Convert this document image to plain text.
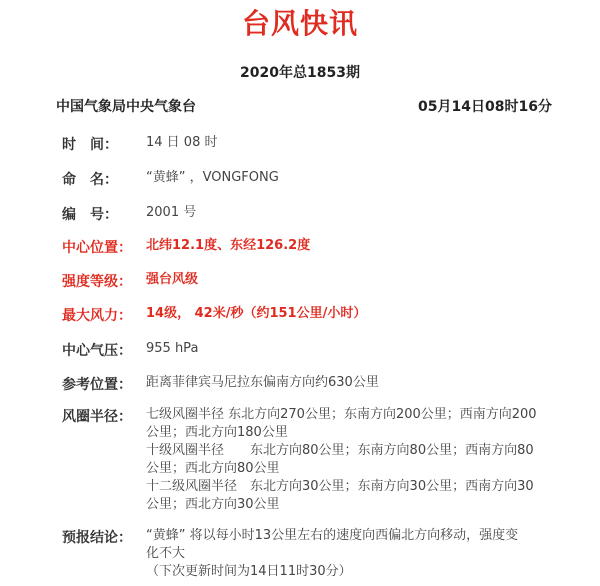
台风快讯
2020年总1853期
中国气象局中央气象台	05月14日08时16分
时　间：	14 日 08 时
命　名：	“黄蜂” ，VONGFONG
编　号：	2001 号
中心位置：	北纬12.1度、东经126.2度
强度等级：	强台风级
最大风力：	14级， 42米/秒（约151公里/小时）
中心气压：	955 hPa
参考位置：	距离菲律宾马尼拉东偏南方向约630公里
风圈半径：	七级风圈半径 东北方向270公里；东南方向200公里；西南方向200
公里；西北方向180公里
十级风圈半径　　东北方向80公里；东南方向80公里；西南方向80
公里；西北方向80公里
十二级风圈半径　东北方向30公里；东南方向30公里；西南方向30
公里；西北方向30公里
预报结论：	“黄蜂” 将以每小时13公里左右的速度向西偏北方向移动，强度变
化不大
（下次更新时间为14日11时30分）
